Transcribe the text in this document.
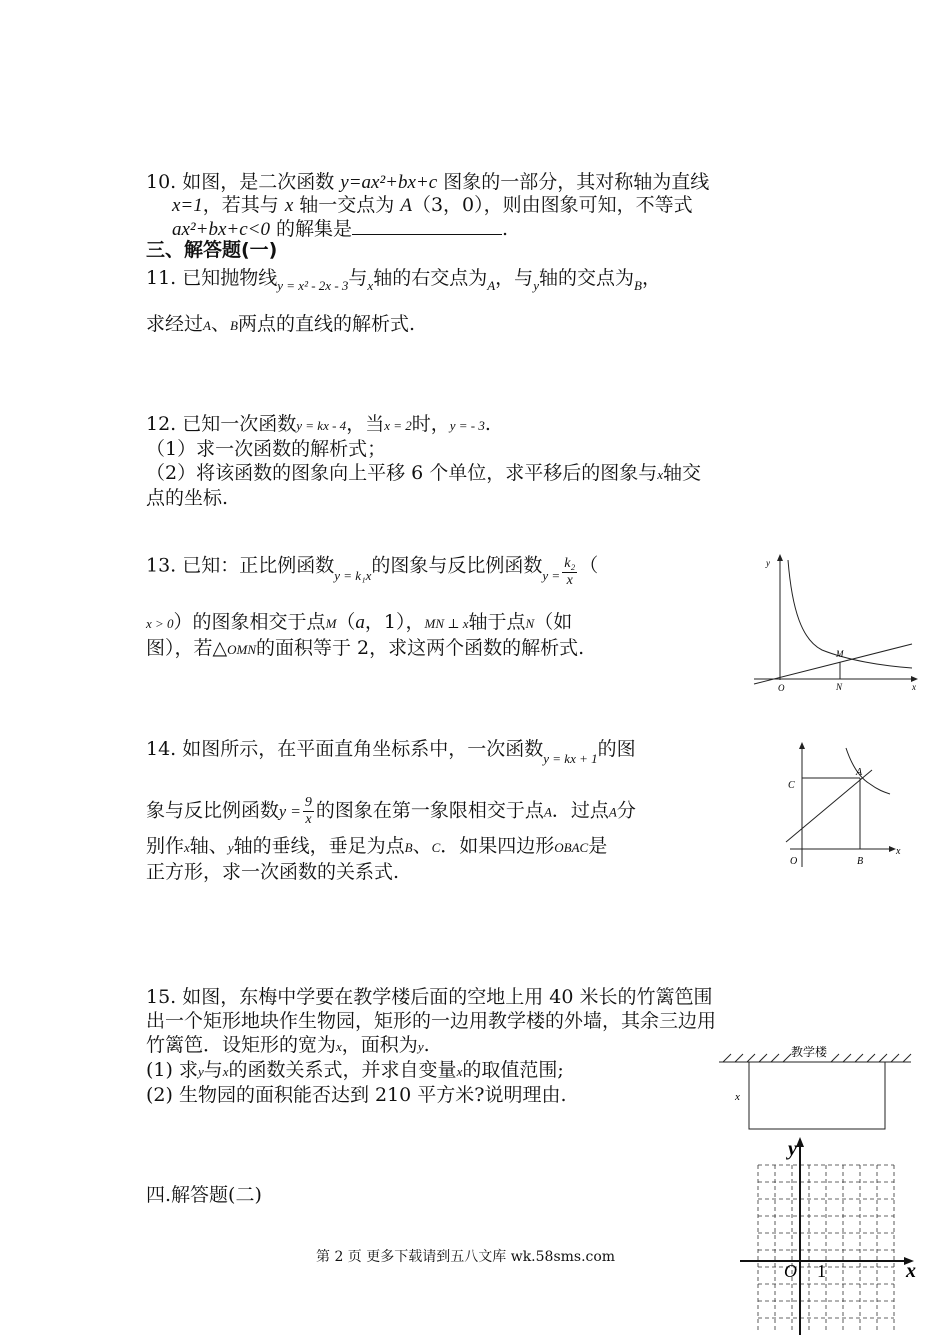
10. 如图，是二次函数 y=ax²+bx+c 图象的一部分，其对称轴为直线
x=1，若其与 x 轴一交点为 A（3，0），则由图象可知，不等式
ax²+bx+c<0 的解集是	.
三、解答题(一)
11. 已知抛物线$_{y = x^2 - 2x - 3}$与$_x$轴的右交点为$_A$，与$_y$轴的交点为$_B$，
求经过A、B两点的直线的解析式.
12. 已知一次函数y = kx - 4，当x = 2时，y = - 3.
（1）求一次函数的解析式；
（2）将该函数的图象向上平移 6 个单位，求平移后的图象与x轴交
点的坐标.
13. 已知：正比例函数$_{y = k_1x}$的图象与反比例函数$_{y =} \frac{\text{k₂}}{x}$ （
x > 0）的图象相交于点M（a，1），MN ⊥ x轴于点N（如
图），若△OMN的面积等于 2，求这两个函数的解析式.
y
x
O
M
N
14. 如图所示，在平面直角坐标系中，一次函数$_{y = kx + 1}$的图
象与反比例函数$y = \frac{9}{x}$ 的图象在第一象限相交于点A．过点A分
别作x轴、y轴的垂线，垂足为点B、C．如果四边形OBAC是
正方形，求一次函数的关系式.
C
A
O	B
x
15. 如图，东梅中学要在教学楼后面的空地上用 40 米长的竹篱笆围
出一个矩形地块作生物园，矩形的一边用教学楼的外墙，其余三边用
竹篱笆．设矩形的宽为x，面积为y.
(1) 求y与x的函数关系式，并求自变量x的取值范围;
(2) 生物园的面积能否达到 210 平方米?说明理由.
教学楼
x
四.解答题(二)
y
x
O 1
第 2 页 更多下载请到五八文库 wk.58sms.com
